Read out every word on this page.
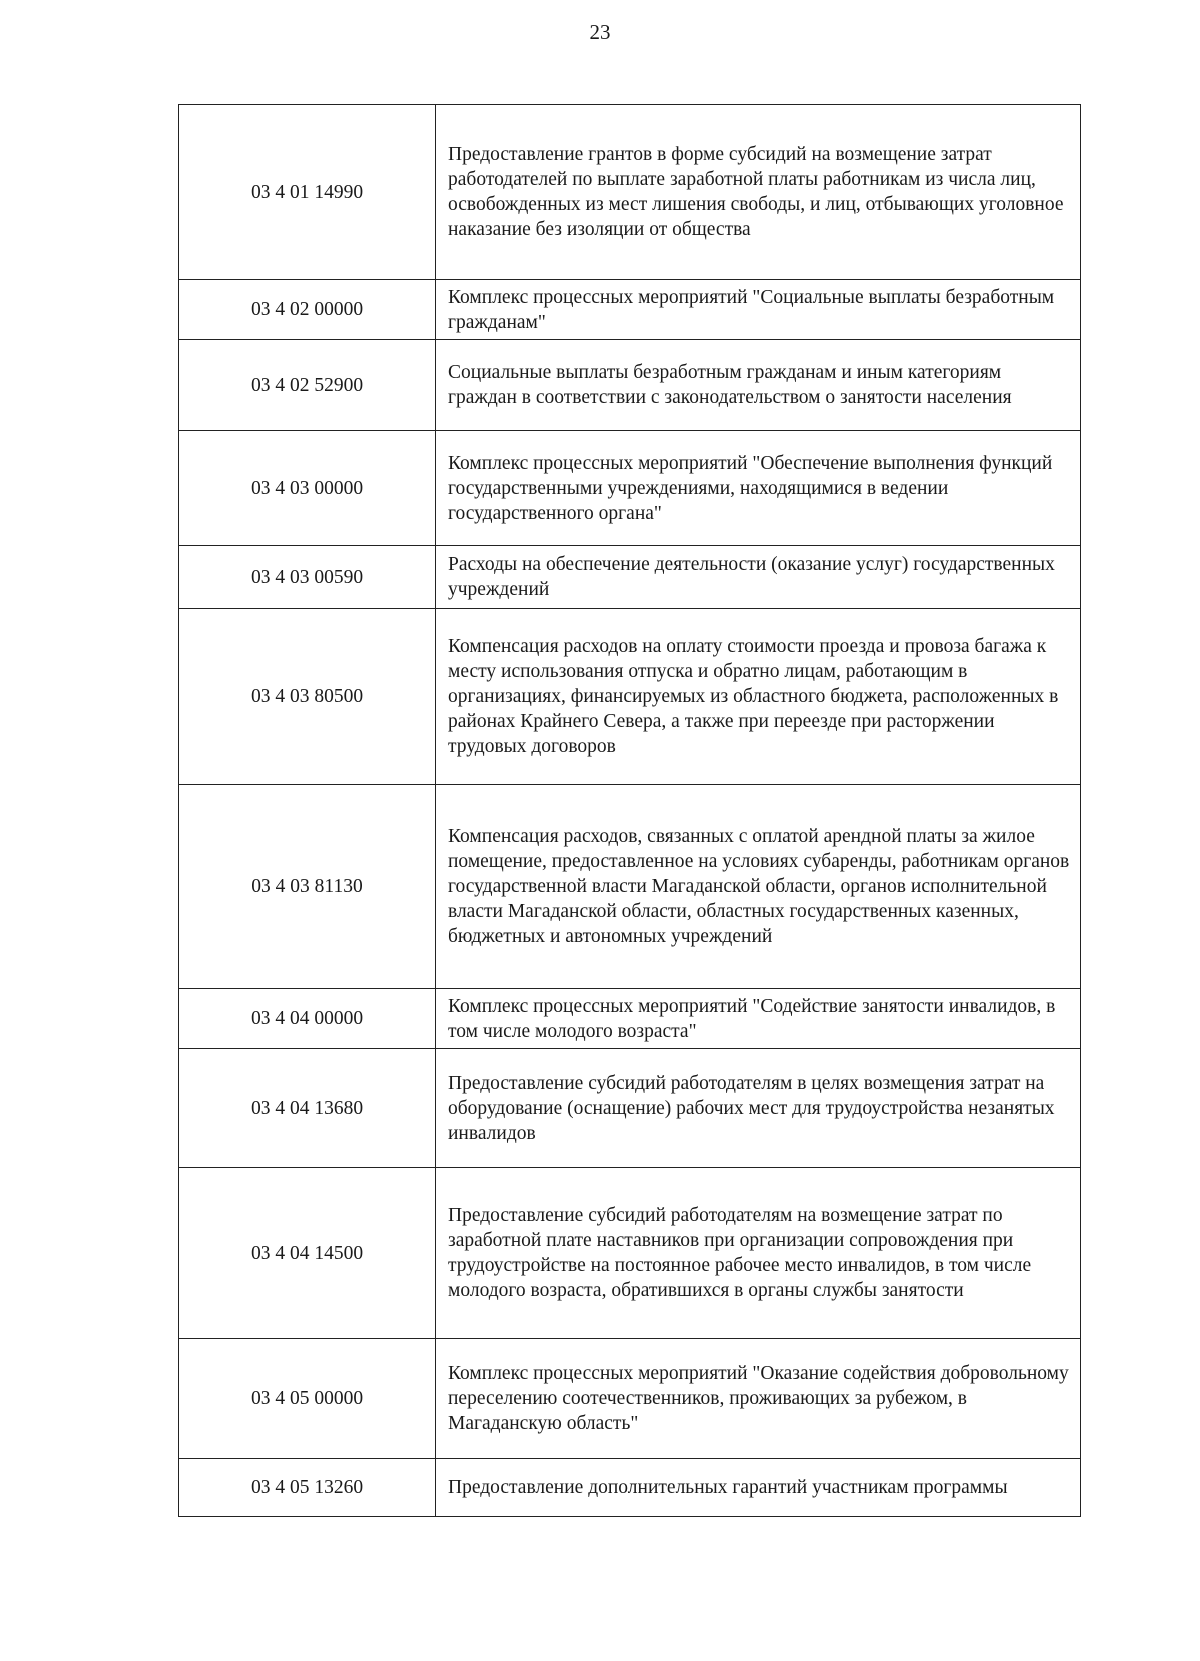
23
03 4 01 14990	Предоставление грантов в форме субсидий на возмещение затрат работодателей по выплате заработной платы работникам из числа лиц, освобожденных из мест лишения свободы, и лиц, отбывающих уголовное наказание без изоляции от общества
03 4 02 00000	Комплекс процессных мероприятий "Социальные выплаты безработным гражданам"
03 4 02 52900	Социальные выплаты безработным гражданам и иным категориям граждан в соответствии с законодательством о занятости населения
03 4 03 00000	Комплекс процессных мероприятий "Обеспечение выполнения функций государственными учреждениями, находящимися в ведении государственного органа"
03 4 03 00590	Расходы на обеспечение деятельности (оказание услуг) государственных учреждений
03 4 03 80500	Компенсация расходов на оплату стоимости проезда и провоза багажа к месту использования отпуска и обратно лицам, работающим в организациях, финансируемых из областного бюджета, расположенных в районах Крайнего Севера, а также при переезде при расторжении трудовых договоров
03 4 03 81130	Компенсация расходов, связанных с оплатой арендной платы за жилое помещение, предоставленное на условиях субаренды, работникам органов государственной власти Магаданской области, органов исполнительной власти Магаданской области, областных государственных казенных, бюджетных и автономных учреждений
03 4 04 00000	Комплекс процессных мероприятий "Содействие занятости инвалидов, в том числе молодого возраста"
03 4 04 13680	Предоставление субсидий работодателям в целях возмещения затрат на оборудование (оснащение) рабочих мест для трудоустройства незанятых инвалидов
03 4 04 14500	Предоставление субсидий работодателям на возмещение затрат по заработной плате наставников при организации сопровождения при трудоустройстве на постоянное рабочее место инвалидов, в том числе молодого возраста, обратившихся в органы службы занятости
03 4 05 00000	Комплекс процессных мероприятий "Оказание содействия добровольному переселению соотечественников, проживающих за рубежом, в Магаданскую область"
03 4 05 13260	Предоставление дополнительных гарантий участникам программы
